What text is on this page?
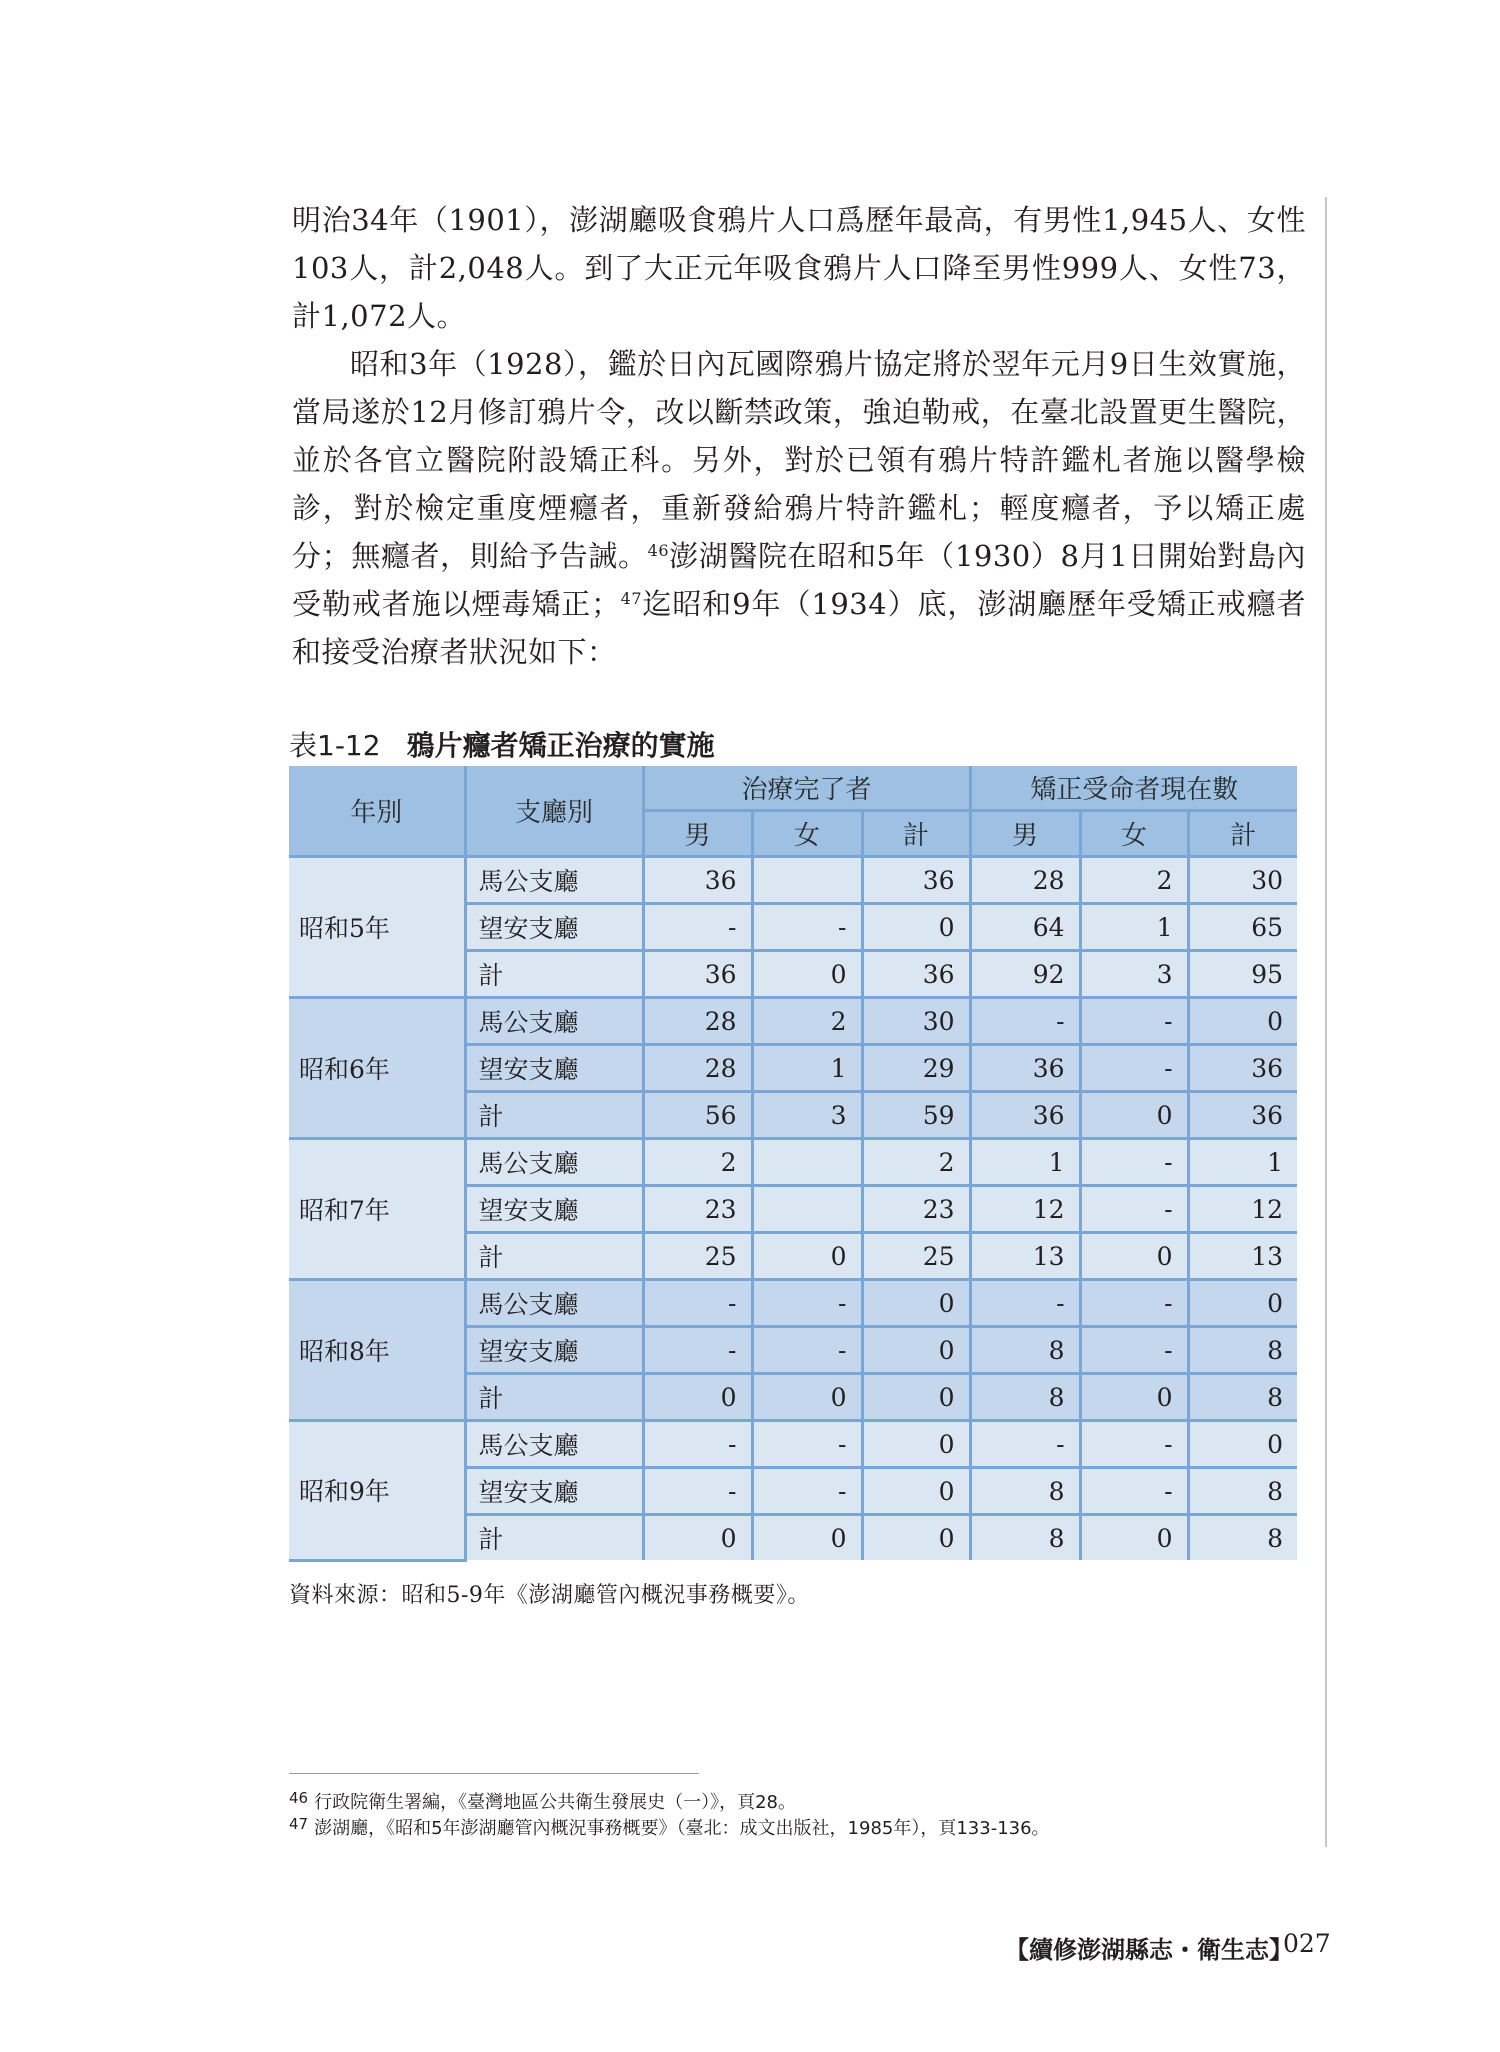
明治34年（1901），澎湖廳吸食鴉片人口爲歷年最高，有男性1,945人、女性103人，計2,048人。到了大正元年吸食鴉片人口降至男性999人、女性73，計1,072人。

昭和3年（1928），鑑於日內瓦國際鴉片協定將於翌年元月9日生效實施，當局遂於12月修訂鴉片令，改以斷禁政策，強迫勒戒，在臺北設置更生醫院，並於各官立醫院附設矯正科。另外，對於已領有鴉片特許鑑札者施以醫學檢診，對於檢定重度煙癮者，重新發給鴉片特許鑑札；輕度癮者，予以矯正處分；無癮者，則給予告誡。$^{46}$澎湖醫院在昭和5年（1930）8月1日開始對島內受勒戒者施以煙毒矯正；$^{47}$迄昭和9年（1934）底，澎湖廳歷年受矯正戒癮者和接受治療者狀況如下：

表1-12 鴉片癮者矯正治療的實施
年別	支廳別	治療完了者			矯正受命者現在數		
		男	女	計	男	女	計
昭和5年	馬公支廳	36		36	28	2	30
	望安支廳	-	-	0	64	1	65
	計	36	0	36	92	3	95
昭和6年	馬公支廳	28	2	30	-	-	0
	望安支廳	28	1	29	36	-	36
	計	56	3	59	36	0	36
昭和7年	馬公支廳	2		2	1	-	1
	望安支廳	23		23	12	-	12
	計	25	0	25	13	0	13
昭和8年	馬公支廳	-	-	0	-	-	0
	望安支廳	-	-	0	8	-	8
	計	0	0	0	8	0	8
昭和9年	馬公支廳	-	-	0	-	-	0
	望安支廳	-	-	0	8	-	8
	計	0	0	0	8	0	8
資料來源：昭和5-9年《澎湖廳管內概況事務概要》。
$^{46}$ 行政院衛生署編，《臺灣地區公共衛生發展史（一）》，頁28。
$^{47}$ 澎湖廳，《昭和5年澎湖廳管內概況事務概要》（臺北：成文出版社，1985年），頁133-136。
【續修澎湖縣志・衛生志】
027
